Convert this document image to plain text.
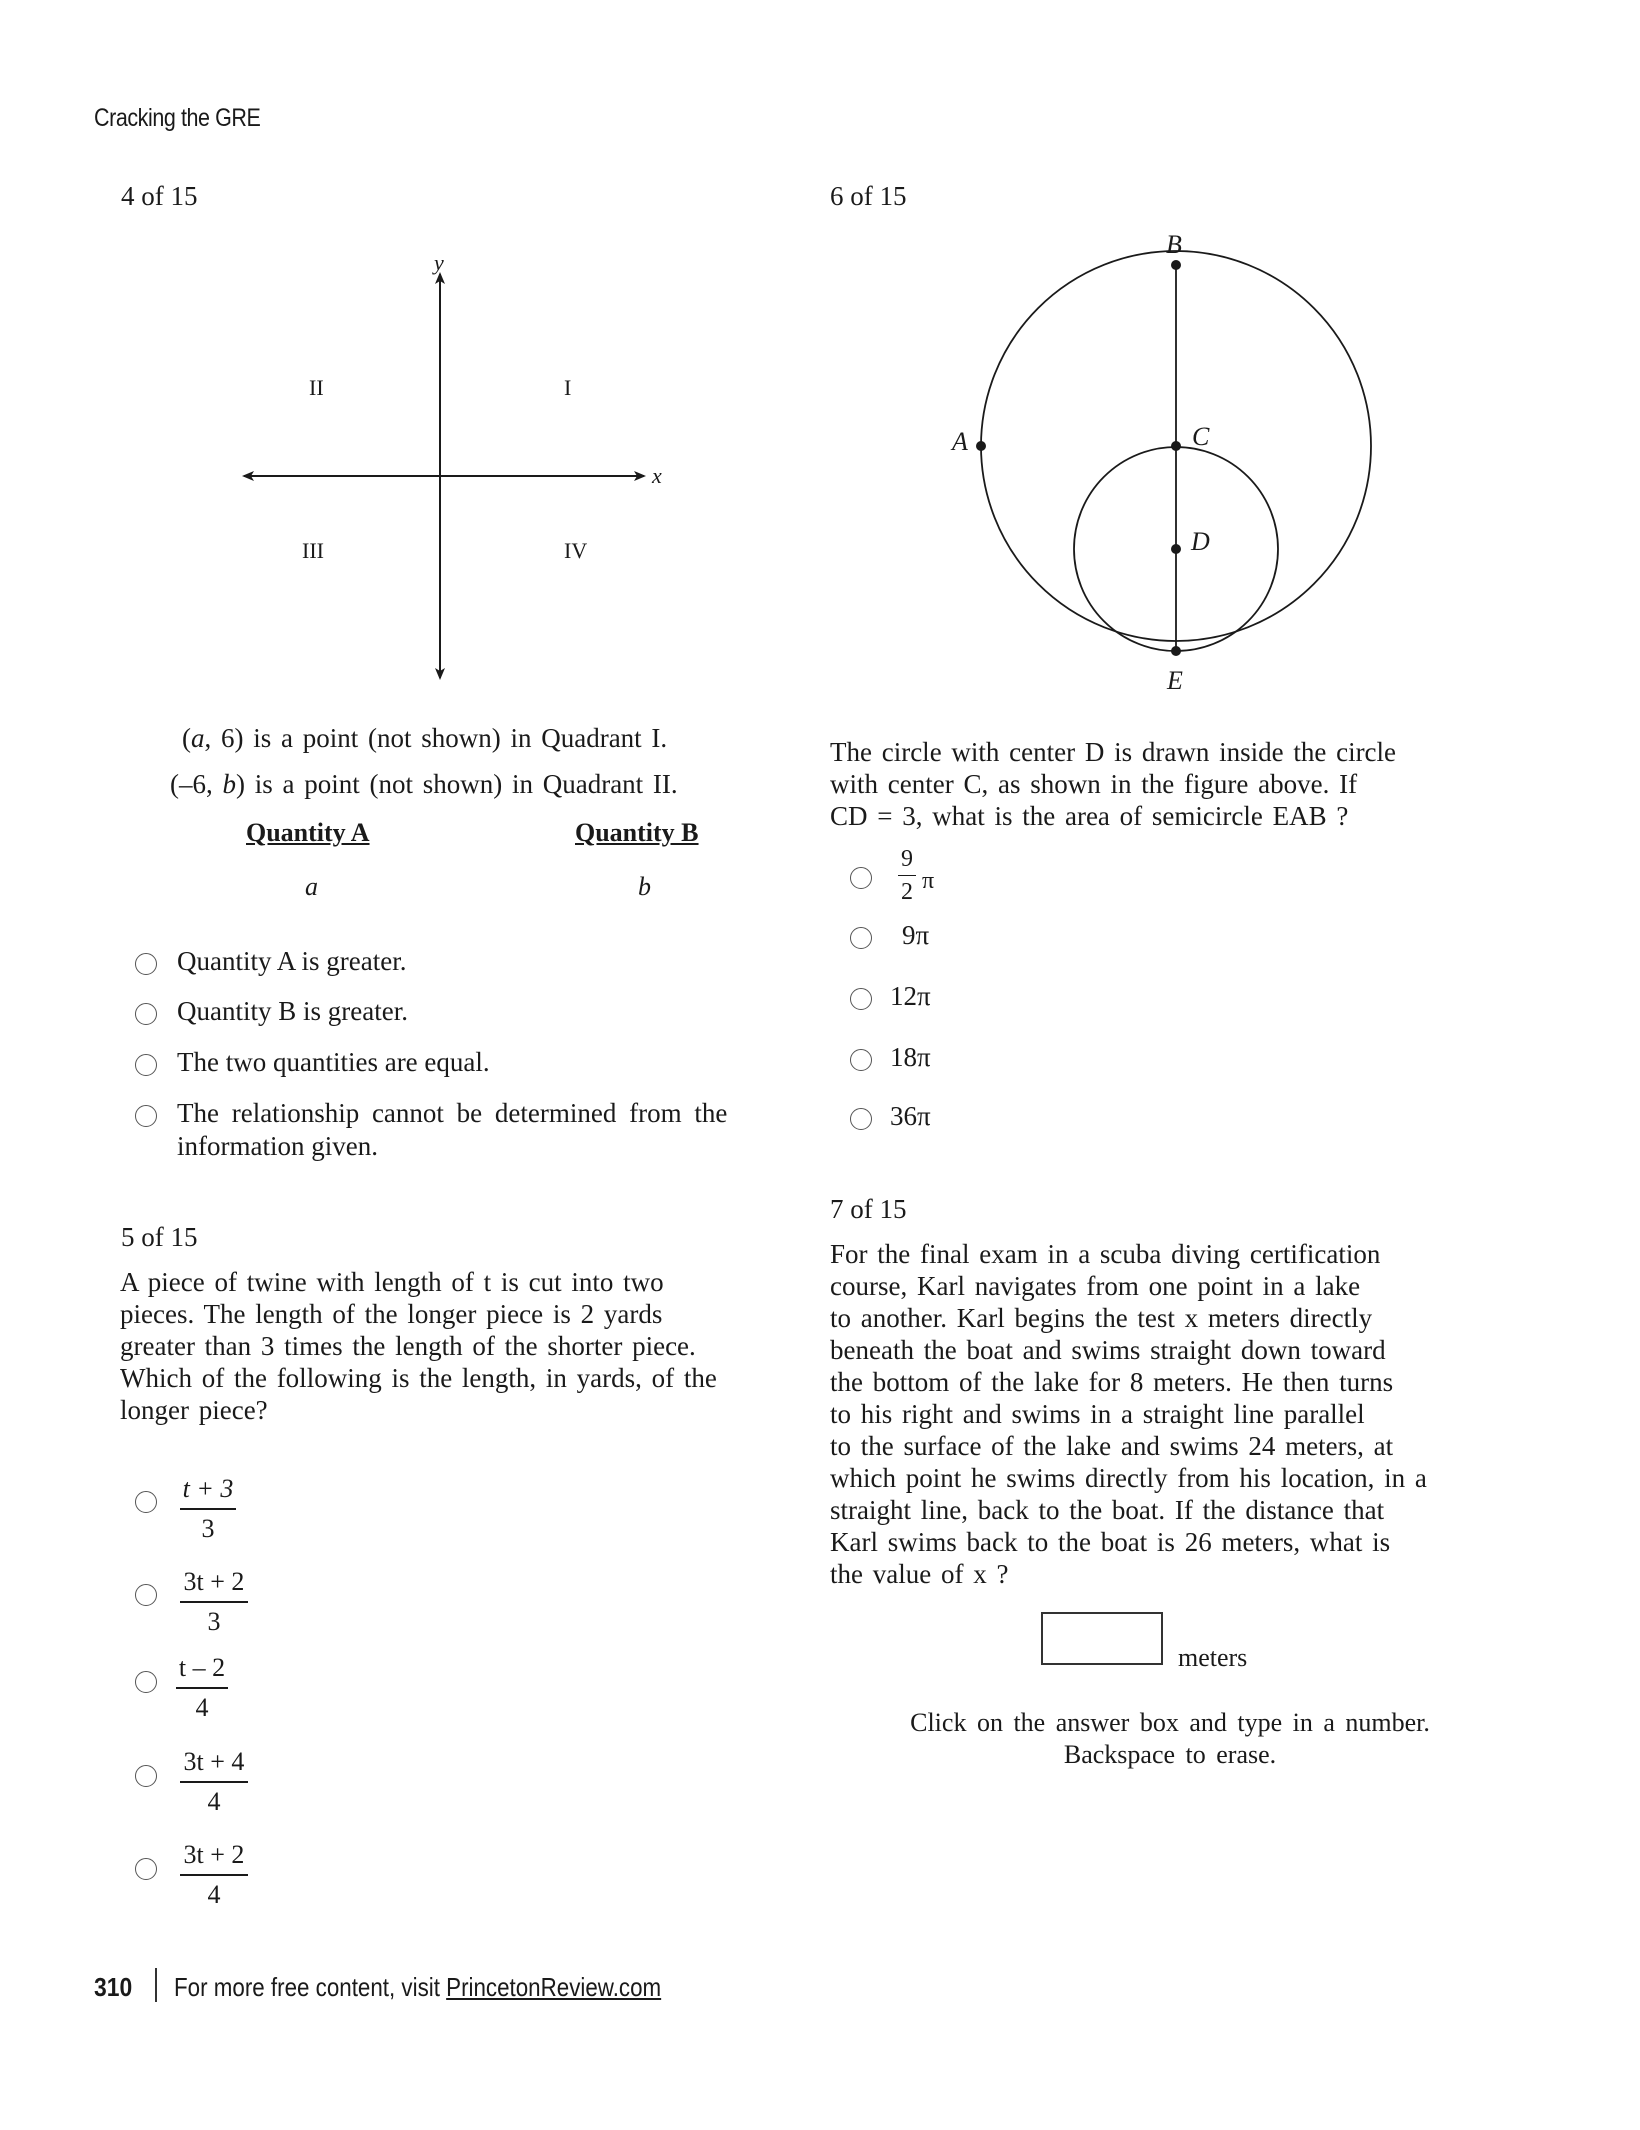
Cracking the GRE
4 of 15
y
x
I
II
III	IV
(a, 6) is a point (not shown) in Quadrant I.
(–6, b) is a point (not shown) in Quadrant II.
Quantity A	Quantity B
a	b
Quantity A is greater.
Quantity B is greater.
The two quantities are equal.
The relationship cannot be determined from the
information given.
5 of 15
A piece of twine with length of t is cut into two
pieces. The length of the longer piece is 2 yards
greater than 3 times the length of the shorter piece.
Which of the following is the length, in yards, of the
longer piece?
t + 3
3
3t + 2
3
t – 2
4
3t + 4
4
3t + 2
4
6 of 15
A
B
C
D
E
The circle with center D is drawn inside the circle
with center C, as shown in the figure above. If
CD = 3, what is the area of semicircle EAB ?
9
2 π
9π
12π
18π
36π
7 of 15
For the final exam in a scuba diving certification
course, Karl navigates from one point in a lake
to another. Karl begins the test x meters directly
beneath the boat and swims straight down toward
the bottom of the lake for 8 meters. He then turns
to his right and swims in a straight line parallel
to the surface of the lake and swims 24 meters, at
which point he swims directly from his location, in a
straight line, back to the boat. If the distance that
Karl swims back to the boat is 26 meters, what is
the value of x ?
meters
Click on the answer box and type in a number.
Backspace to erase.
310 For more free content, visit PrincetonReview.com
